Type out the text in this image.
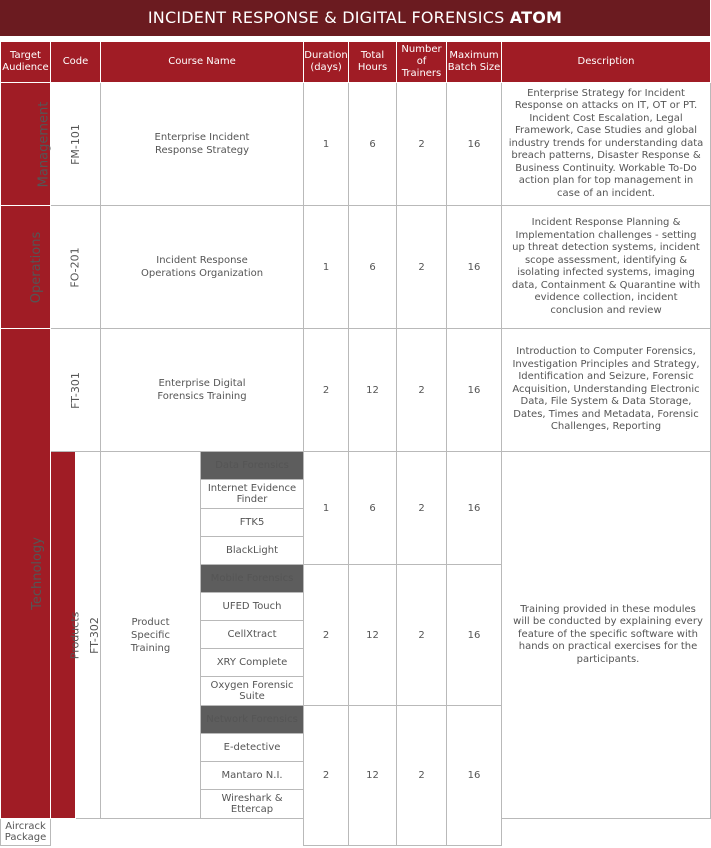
INCIDENT RESPONSE & DIGITAL FORENSICS ATOM
Target Audience	Code		Course Name		Duration (days)	Total Hours	Number of Trainers	Maximum Batch Size	Description
Management	FM-101		Enterprise Incident Response Strategy		1	6	2	16	Enterprise Strategy for Incident Response on attacks on IT, OT or PT. Incident Cost Escalation, Legal Framework, Case Studies and global industry trends for understanding data breach patterns, Disaster Response & Business Continuity. Workable To-Do action plan for top management in case of an incident.
Operations	FO-201		Incident Response Operations Organization		1	6	2	16	Incident Response Planning & Implementation challenges - setting up threat detection systems, incident scope assessment, identifying & isolating infected systems, imaging data, Containment & Quarantine with evidence collection, incident conclusion and review
Technology	FT-301		Enterprise Digital Forensics Training		2	12	2	16	Introduction to Computer Forensics, Investigation Principles and Strategy, Identification and Seizure, Forensic Acquisition, Understanding Electronic Data, File System & Data Storage, Dates, Times and Metadata, Forensic Challenges, Reporting
	Products	FT-302	Product Specific Training	Data Forensics	1	6	2	16	Training provided in these modules will be conducted by explaining every feature of the specific software with hands on practical exercises for the participants.
				Internet Evidence Finder					
				FTK5					
				BlackLight					
				Mobile Forensics	2	12	2	16	
				UFED Touch					
				CellXtract					
				XRY Complete					
				Oxygen Forensic Suite					
				Network Forensics	2	12	2	16	
				E-detective					
				Mantaro N.I.					
				Wireshark & Ettercap					
Aircrack Package									
